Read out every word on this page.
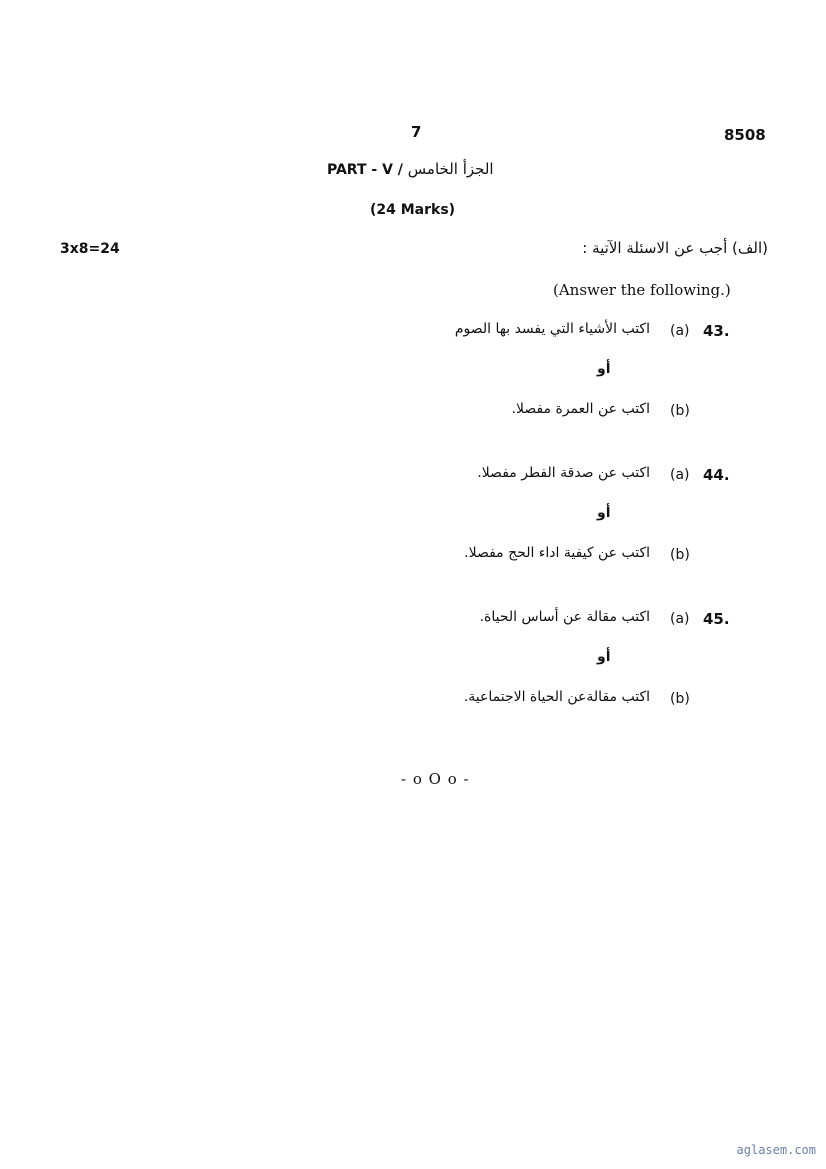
7	8508
PART - V / الجزأ الخامس
(24 Marks)
3x8=24	(الف) أجب عن الاسئلة الآتية :
(Answer the following.)
43.
(a)
اكتب الأشياء التي يفسد بها الصوم
أو
(b)
اكتب عن العمرة مفصلا.
44.
(a)
اكتب عن صدقة الفطر مفصلا.
أو
(b)
اكتب عن كيفية اداء الحج مفصلا.
45.
(a)
اكتب مقالة عن أساس الحياة.
أو
(b)
اكتب مقالةعن الحياة الاجتماعية.
- o O o -
aglasem.com
